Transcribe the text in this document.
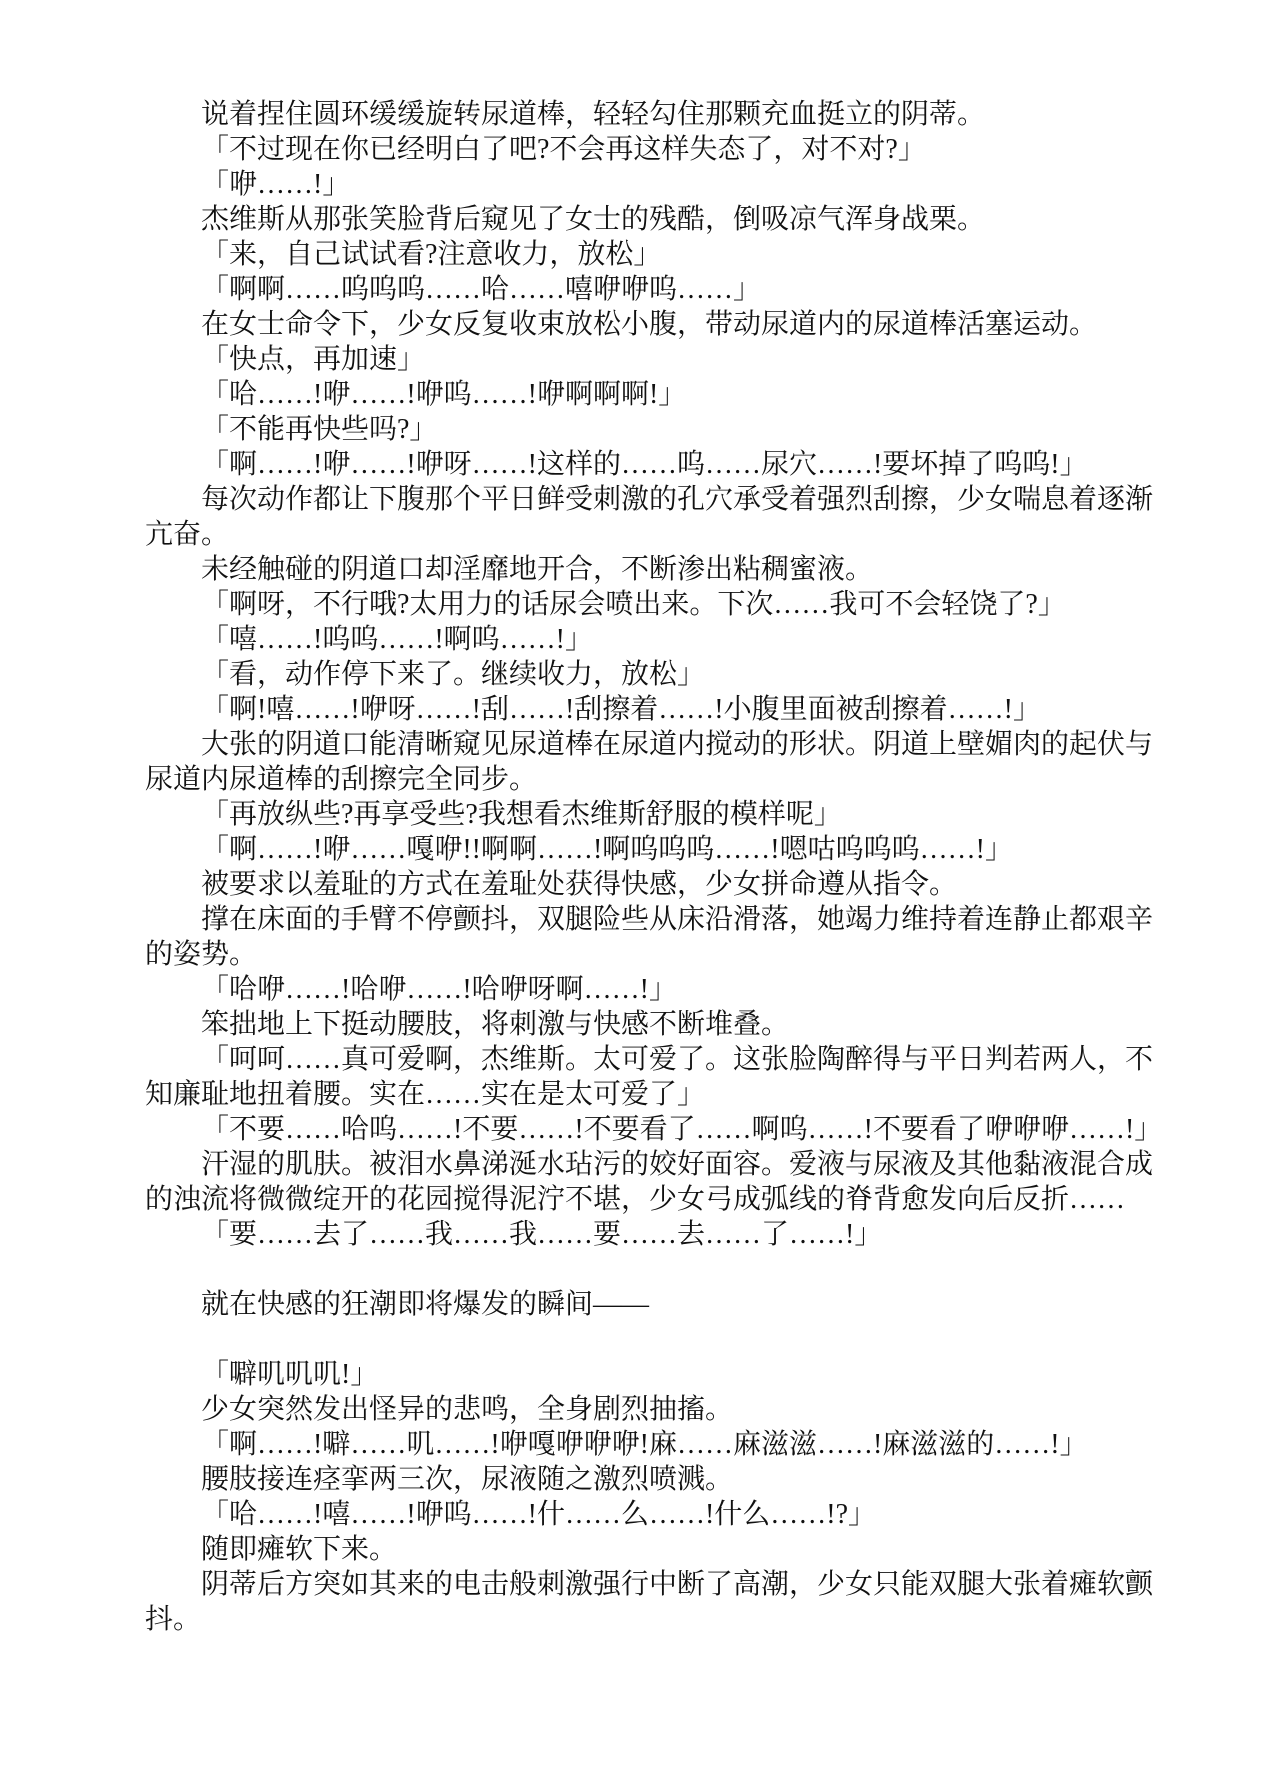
说着捏住圆环缓缓旋转尿道棒，轻轻勾住那颗充血挺立的阴蒂。

「不过现在你已经明白了吧?不会再这样失态了，对不对?」

「咿……!」

杰维斯从那张笑脸背后窥见了女士的残酷，倒吸凉气浑身战栗。

「来，自己试试看?注意收力，放松」

「啊啊……呜呜呜……哈……嘻咿咿呜……」

在女士命令下，少女反复收束放松小腹，带动尿道内的尿道棒活塞运动。

「快点，再加速」

「哈……!咿……!咿呜……!咿啊啊啊!」

「不能再快些吗?」

「啊……!咿……!咿呀……!这样的……呜……尿穴……!要坏掉了呜呜!」

每次动作都让下腹那个平日鲜受刺激的孔穴承受着强烈刮擦，少女喘息着逐渐亢奋。

未经触碰的阴道口却淫靡地开合，不断渗出粘稠蜜液。

「啊呀，不行哦?太用力的话尿会喷出来。下次……我可不会轻饶了?」

「嘻……!呜呜……!啊呜……!」

「看，动作停下来了。继续收力，放松」

「啊!嘻……!咿呀……!刮……!刮擦着……!小腹里面被刮擦着……!」

大张的阴道口能清晰窥见尿道棒在尿道内搅动的形状。阴道上壁媚肉的起伏与尿道内尿道棒的刮擦完全同步。

「再放纵些?再享受些?我想看杰维斯舒服的模样呢」

「啊……!咿……嘎咿!!啊啊……!啊呜呜呜……!嗯咕呜呜呜……!」

被要求以羞耻的方式在羞耻处获得快感，少女拼命遵从指令。

撑在床面的手臂不停颤抖，双腿险些从床沿滑落，她竭力维持着连静止都艰辛的姿势。

「哈咿……!哈咿……!哈咿呀啊……!」

笨拙地上下挺动腰肢，将刺激与快感不断堆叠。

「呵呵……真可爱啊，杰维斯。太可爱了。这张脸陶醉得与平日判若两人，不知廉耻地扭着腰。实在……实在是太可爱了」

「不要……哈呜……!不要……!不要看了……啊呜……!不要看了咿咿咿……!」

汗湿的肌肤。被泪水鼻涕涎水玷污的姣好面容。爱液与尿液及其他黏液混合成的浊流将微微绽开的花园搅得泥泞不堪，少女弓成弧线的脊背愈发向后反折……

「要……去了……我……我……要……去……了……!」

就在快感的狂潮即将爆发的瞬间——

「噼叽叽叽!」

少女突然发出怪异的悲鸣，全身剧烈抽搐。

「啊……!噼……叽……!咿嘎咿咿咿!麻……麻滋滋……!麻滋滋的……!」

腰肢接连痉挛两三次，尿液随之激烈喷溅。

「哈……!嘻……!咿呜……!什……么……!什么……!?」

随即瘫软下来。

阴蒂后方突如其来的电击般刺激强行中断了高潮，少女只能双腿大张着瘫软颤抖。
